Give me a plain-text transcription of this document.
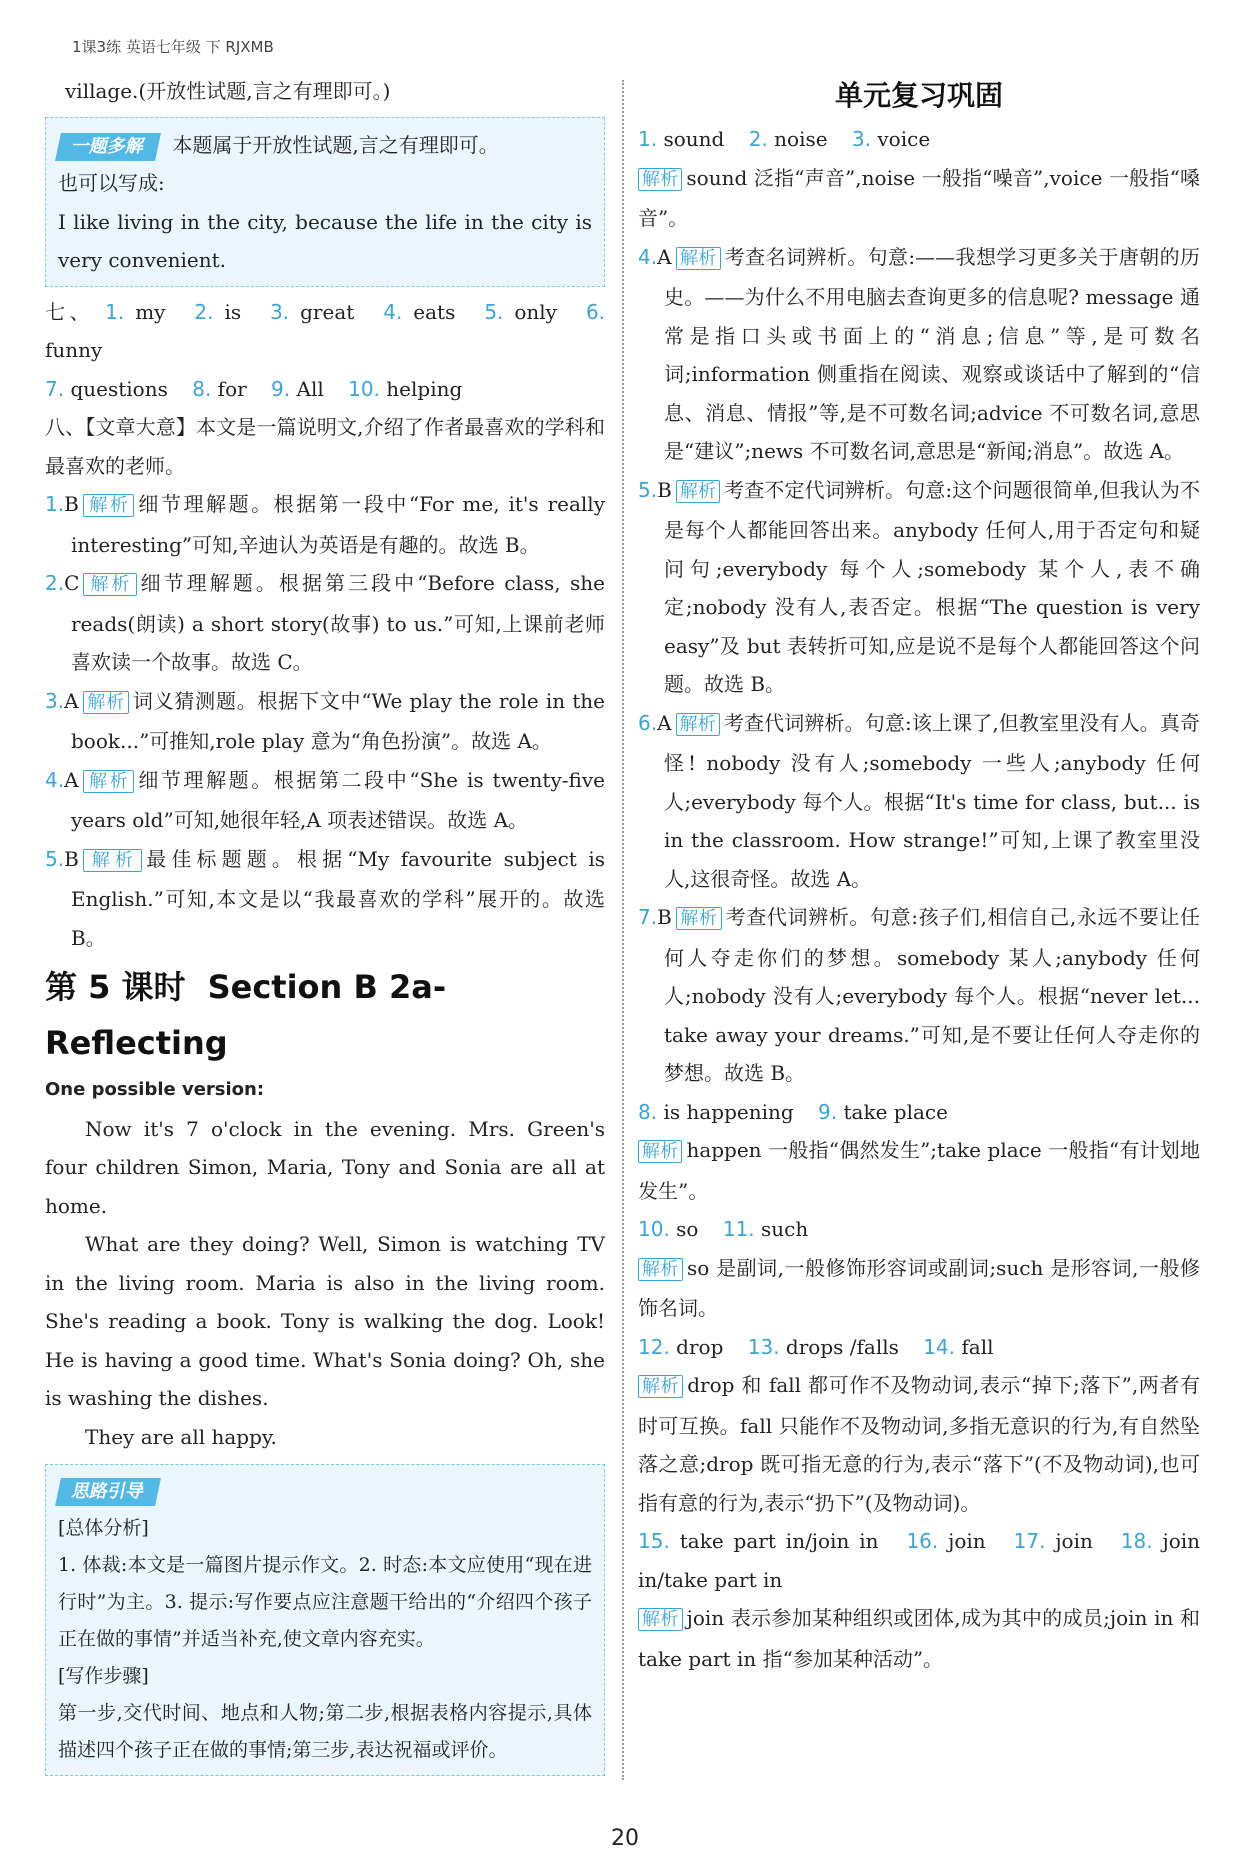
1课3练 英语七年级 下 RJXMB

village.(开放性试题,言之有理即可。)

一题多解 本题属于开放性试题,言之有理即可。

也可以写成:

I like living in the city, because the life in the city is very convenient.

七、 1. my 2. is 3. great 4. eats 5. only 6. funny

7. questions 8. for 9. All 10. helping

八、【文章大意】本文是一篇说明文,介绍了作者最喜欢的学科和最喜欢的老师。

1.B 解析 细节理解题。根据第一段中“For me, it's really interesting”可知,辛迪认为英语是有趣的。故选 B。

2.C 解析 细节理解题。根据第三段中“Before class, she reads(朗读) a short story(故事) to us.”可知,上课前老师喜欢读一个故事。故选 C。

3.A 解析 词义猜测题。根据下文中“We play the role in the book...”可推知,role play 意为“角色扮演”。故选 A。

4.A 解析 细节理解题。根据第二段中“She is twenty-five years old”可知,她很年轻,A 项表述错误。故选 A。

5.B 解析 最佳标题题。根据“My favourite subject is English.”可知,本文是以“我最喜欢的学科”展开的。故选 B。

第 5 课时 Section B 2a- Reflecting

One possible version:

Now it's 7 o'clock in the evening. Mrs. Green's four children Simon, Maria, Tony and Sonia are all at home.

What are they doing? Well, Simon is watching TV in the living room. Maria is also in the living room. She's reading a book. Tony is walking the dog. Look! He is having a good time. What's Sonia doing? Oh, she is washing the dishes.

They are all happy.

思路引导

[总体分析]

1. 体裁:本文是一篇图片提示作文。2. 时态:本文应使用“现在进行时”为主。3. 提示:写作要点应注意题干给出的“介绍四个孩子正在做的事情”并适当补充,使文章内容充实。

[写作步骤]

第一步,交代时间、地点和人物;第二步,根据表格内容提示,具体描述四个孩子正在做的事情;第三步,表达祝福或评价。

单元复习巩固

1. sound 2. noise 3. voice

解析 sound 泛指“声音”,noise 一般指“噪音”,voice 一般指“嗓音”。

4.A 解析 考查名词辨析。句意:——我想学习更多关于唐朝的历史。——为什么不用电脑去查询更多的信息呢? message 通常是指口头或书面上的“消息;信息”等,是可数名词;information 侧重指在阅读、观察或谈话中了解到的“信息、消息、情报”等,是不可数名词;advice 不可数名词,意思是“建议”;news 不可数名词,意思是“新闻;消息”。故选 A。

5.B 解析 考查不定代词辨析。句意:这个问题很简单,但我认为不是每个人都能回答出来。anybody 任何人,用于否定句和疑问句;everybody 每个人;somebody 某个人,表不确定;nobody 没有人,表否定。根据“The question is very easy”及 but 表转折可知,应是说不是每个人都能回答这个问题。故选 B。

6.A 解析 考查代词辨析。句意:该上课了,但教室里没有人。真奇怪! nobody 没有人;somebody 一些人;anybody 任何人;everybody 每个人。根据“It's time for class, but... is in the classroom. How strange!”可知,上课了教室里没人,这很奇怪。故选 A。

7.B 解析 考查代词辨析。句意:孩子们,相信自己,永远不要让任何人夺走你们的梦想。somebody 某人;anybody 任何人;nobody 没有人;everybody 每个人。根据“never let... take away your dreams.”可知,是不要让任何人夺走你的梦想。故选 B。

8. is happening 9. take place

解析 happen 一般指“偶然发生”;take place 一般指“有计划地发生”。

10. so 11. such

解析 so 是副词,一般修饰形容词或副词;such 是形容词,一般修饰名词。

12. drop 13. drops /falls 14. fall

解析 drop 和 fall 都可作不及物动词,表示“掉下;落下”,两者有时可互换。fall 只能作不及物动词,多指无意识的行为,有自然坠落之意;drop 既可指无意的行为,表示“落下”(不及物动词),也可指有意的行为,表示“扔下”(及物动词)。

15. take part in/join in 16. join 17. join 18. join in/take part in

解析 join 表示参加某种组织或团体,成为其中的成员;join in 和 take part in 指“参加某种活动”。

20
